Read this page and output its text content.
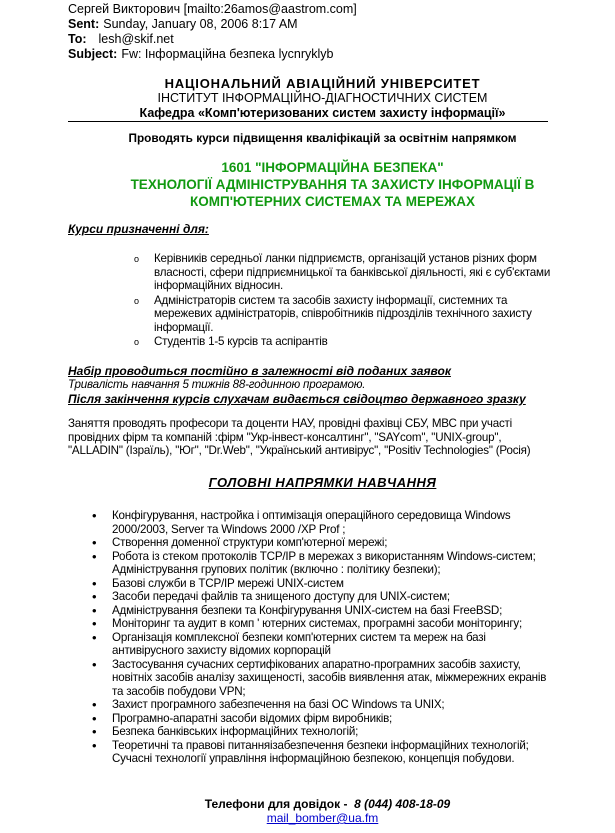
Сергей Викторович [mailto:26amos@aastrom.com]
Sent: Sunday, January 08, 2006 8:17 AM
To: lesh@skif.net
Subject: Fw: Інформаційна безпека lycnryklyb
НАЦІОНАЛЬНИЙ АВІАЦІЙНИЙ УНІВЕРСИТЕТ
ІНСТИТУТ ІНФОРМАЦІЙНО-ДІАГНОСТИЧНИХ СИСТЕМ
Кафедра «Комп'ютеризованих систем захисту інформації»
Проводять курси підвищення кваліфікацій за освітнім напрямком
1601 "ІНФОРМАЦІЙНА БЕЗПЕКА"
ТЕХНОЛОГІЇ АДМІНІСТРУВАННЯ ТА ЗАХИСТУ ІНФОРМАЦІЇ В
КОМП'ЮТЕРНИХ СИСТЕМАХ ТА МЕРЕЖАХ
Курси призначенні для:
o Керівників середньої ланки підприємств, організацій установ різних форм
власності, сфери підприємницької та банківської діяльності, які є суб'єктами
інформаційних відносин.
o Адміністраторів систем та засобів захисту інформації, системних та
мережевих адміністраторів, співробітників підрозділів технічного захисту
інформації.
o Студентів 1-5 курсів та аспірантів
Набір проводиться постійно в залежності від поданих заявок
Тривалість навчання 5 тижнів 88-годинною програмою.
Після закінчення курсів слухачам видається свідоцтво державного зразку
Заняття проводять професори та доценти НАУ, провідні фахівці СБУ, МВС при участі
провідних фірм та компаній :фірм "Укр-інвест-консалтинг", "SAYcom", "UNIX-group",
"ALLADIN" (Ізраїль), "Юг", "Dr.Web", "Український антивірус", "Positiv Technologies" (Росія)
ГОЛОВНІ НАПРЯМКИ НАВЧАННЯ
• Конфігурування, настройка і оптимізація операційного середовища Windows
2000/2003, Server та Windows 2000 /XP Prof ;
• Створення доменної структури комп'ютерної мережі;
• Робота із стеком протоколів TCP/IP в мережах з використанням Windows-систем;
Адміністрування групових політик (включно : політику безпеки);
• Базові служби в TCP/IP мережі UNIX-систем
• Засоби передачі файлів та знищеного доступу для UNIX-систем;
• Адміністрування безпеки та Конфігурування UNIX-систем на базі FreeBSD;
• Моніторинг та аудит в комп ' ютерних системах, програмні засоби моніторингу;
• Організація комплексної безпеки комп'ютерних систем та мереж на базі
антивірусного захисту відомих корпорацій
• Застосування сучасних сертифікованих апаратно-програмних засобів захисту,
новітніх засобів аналізу захищеності, засобів виявлення атак, міжмережних екранів
та засобів побудови VPN;
• Захист програмного забезпечення на базі ОС Windows та UNIX;
• Програмно-апаратні засоби відомих фірм виробників;
• Безпека банківських інформаційних технологій;
• Теоретичні та правові питанняiзабезпечення безпеки інформаційних технологій;
Сучасні технології управління інформаційною безпекою, концепція побудови.
Телефони для довідок - 8 (044) 408-18-09
mail_bomber@ua.fm
